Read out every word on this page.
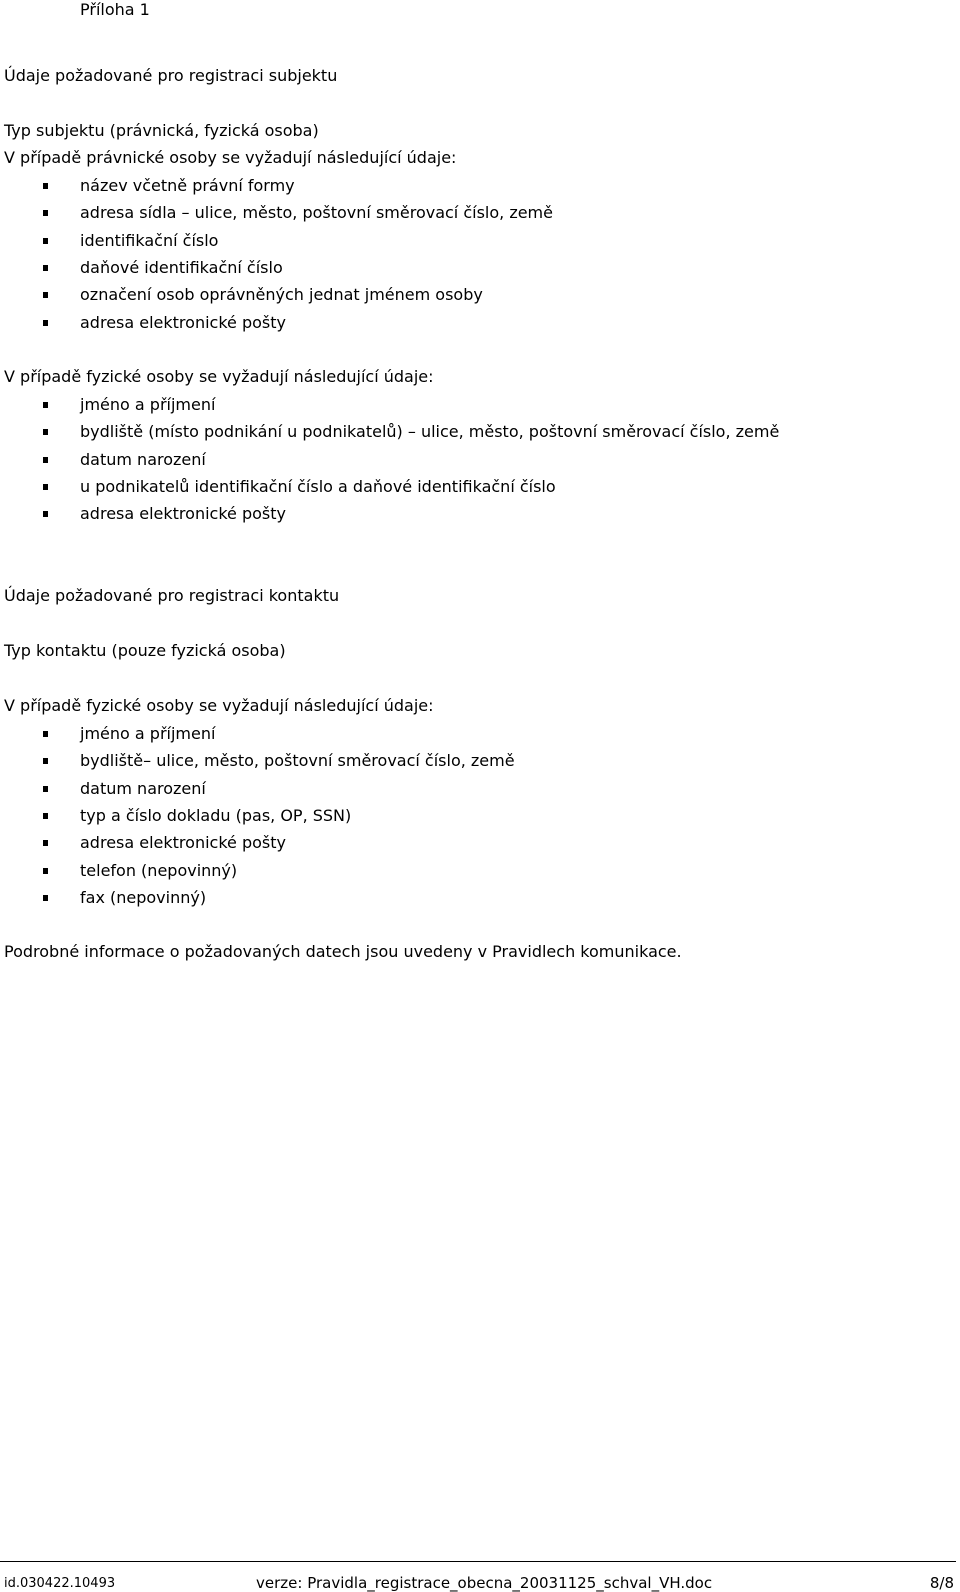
Příloha 1
Údaje požadované pro registraci subjektu
Typ subjektu (právnická, fyzická osoba)
V případě právnické osoby se vyžadují následující údaje:
název včetně právní formy
adresa sídla – ulice, město, poštovní směrovací číslo, země
identifikační číslo
daňové identifikační číslo
označení osob oprávněných jednat jménem osoby
adresa elektronické pošty
V případě fyzické osoby se vyžadují následující údaje:
jméno a příjmení
bydliště (místo podnikání u podnikatelů) – ulice, město, poštovní směrovací číslo, země
datum narození
u podnikatelů identifikační číslo a daňové identifikační číslo
adresa elektronické pošty
Údaje požadované pro registraci kontaktu
Typ kontaktu (pouze fyzická osoba)
V případě fyzické osoby se vyžadují následující údaje:
jméno a příjmení
bydliště– ulice, město, poštovní směrovací číslo, země
datum narození
typ a číslo dokladu (pas, OP, SSN)
adresa elektronické pošty
telefon (nepovinný)
fax (nepovinný)
Podrobné informace o požadovaných datech jsou uvedeny v Pravidlech komunikace.
id.030422.10493	verze: Pravidla_registrace_obecna_20031125_schval_VH.doc	8/8
